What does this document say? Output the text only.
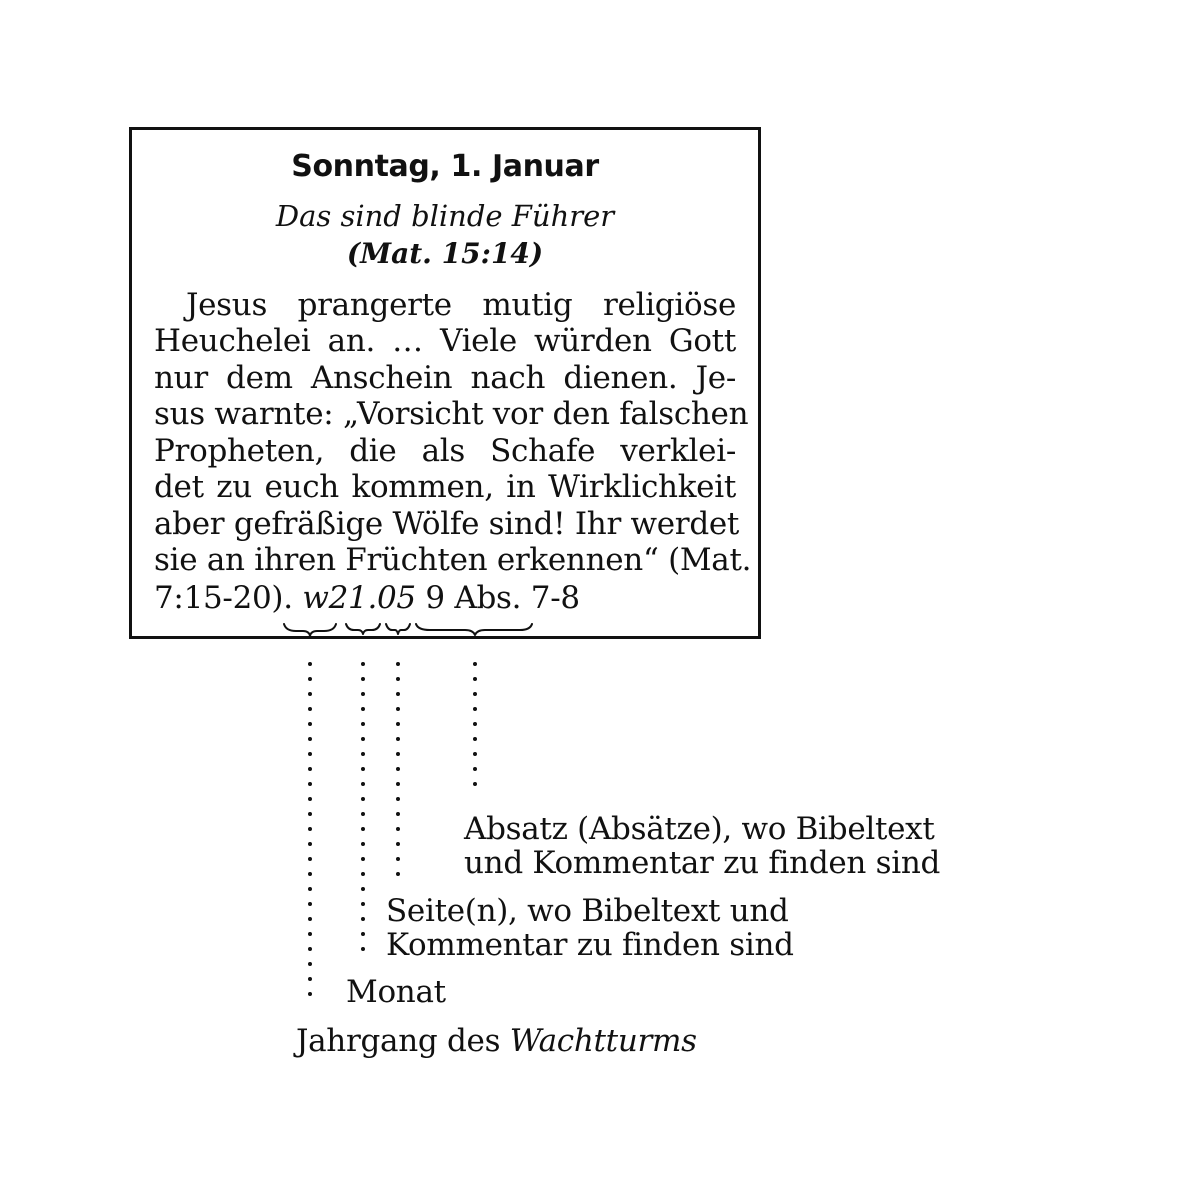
Sonntag, 1. Januar
Das sind blinde Führer
(Mat. 15:14)

Jesus prangerte mutig religiöse

Heuchelei an. … Viele würden Gott

nur dem Anschein nach dienen. Je-

sus warnte: „Vorsicht vor den falschen

Propheten, die als Schafe verklei-

det zu euch kommen, in Wirklichkeit

aber gefräßige Wölfe sind! Ihr werdet

sie an ihren Früchten erkennen“ (Mat.

7:15-20). w21.05 9 Abs. 7-8

Absatz (Absätze), wo Bibeltext

und Kommentar zu finden sind

Seite(n), wo Bibeltext und

Kommentar zu finden sind

Monat

Jahrgang des Wachtturms
